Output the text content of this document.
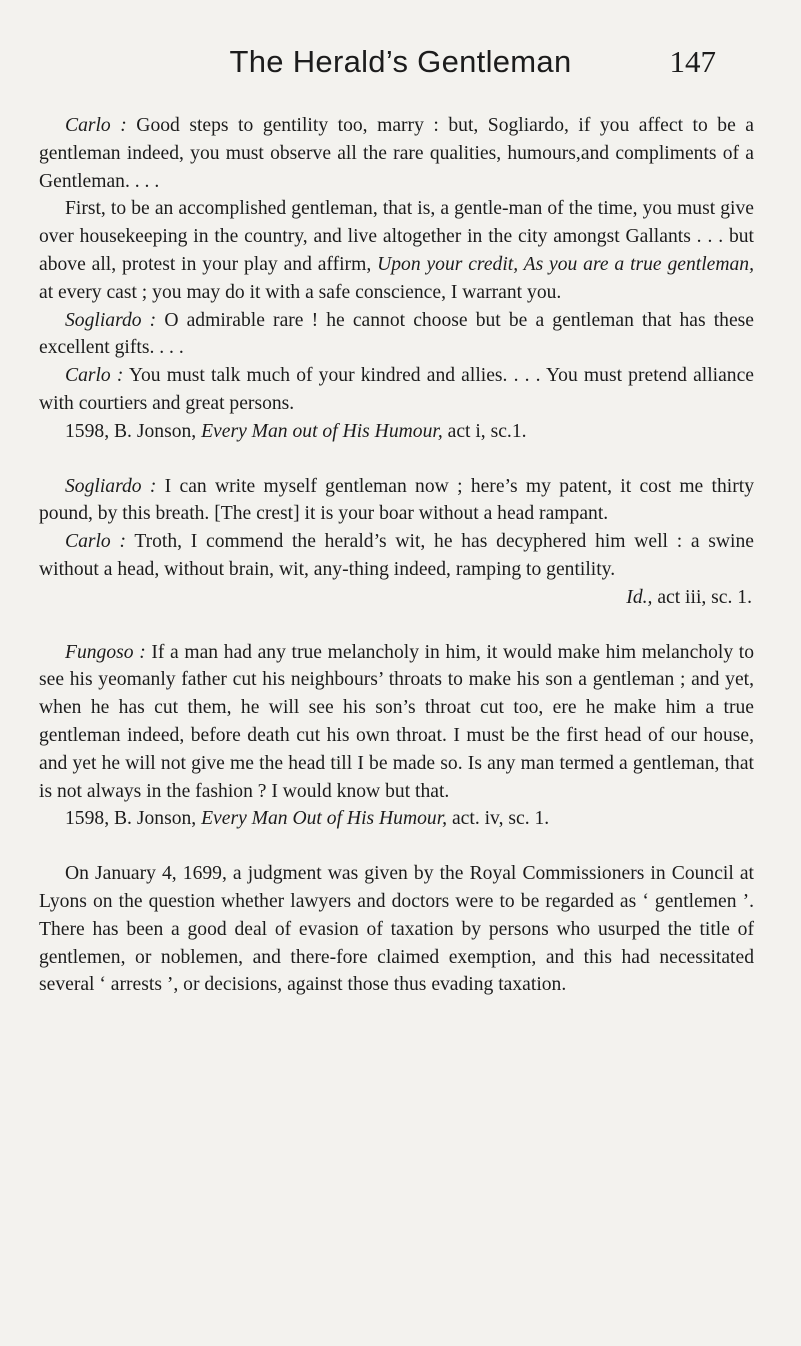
The Herald’s Gentleman	147

Carlo : Good steps to gentility too, marry : but, Sogliardo, if you affect to be a gentleman indeed, you must observe all the rare qualities, humours,and compliments of a Gentleman. . . .

First, to be an accomplished gentleman, that is, a gentle-man of the time, you must give over housekeeping in the country, and live altogether in the city amongst Gallants . . . but above all, protest in your play and affirm, Upon your credit, As you are a true gentleman, at every cast ; you may do it with a safe conscience, I warrant you.

Sogliardo : O admirable rare ! he cannot choose but be a gentleman that has these excellent gifts. . . .

Carlo : You must talk much of your kindred and allies. . . . You must pretend alliance with courtiers and great persons.

1598, B. Jonson, Every Man out of His Humour, act i, sc.1.

Sogliardo : I can write myself gentleman now ; here’s my patent, it cost me thirty pound, by this breath. [The crest] it is your boar without a head rampant.

Carlo : Troth, I commend the herald’s wit, he has decyphered him well : a swine without a head, without brain, wit, any-thing indeed, ramping to gentility.

Id., act iii, sc. 1.

Fungoso : If a man had any true melancholy in him, it would make him melancholy to see his yeomanly father cut his neighbours’ throats to make his son a gentleman ; and yet, when he has cut them, he will see his son’s throat cut too, ere he make him a true gentleman indeed, before death cut his own throat. I must be the first head of our house, and yet he will not give me the head till I be made so. Is any man termed a gentleman, that is not always in the fashion ? I would know but that.

1598, B. Jonson, Every Man Out of His Humour, act. iv, sc. 1.

On January 4, 1699, a judgment was given by the Royal Commissioners in Council at Lyons on the question whether lawyers and doctors were to be regarded as ‘ gentlemen ’. There has been a good deal of evasion of taxation by persons who usurped the title of gentlemen, or noblemen, and there-fore claimed exemption, and this had necessitated several ‘ arrests ’, or decisions, against those thus evading taxation.
